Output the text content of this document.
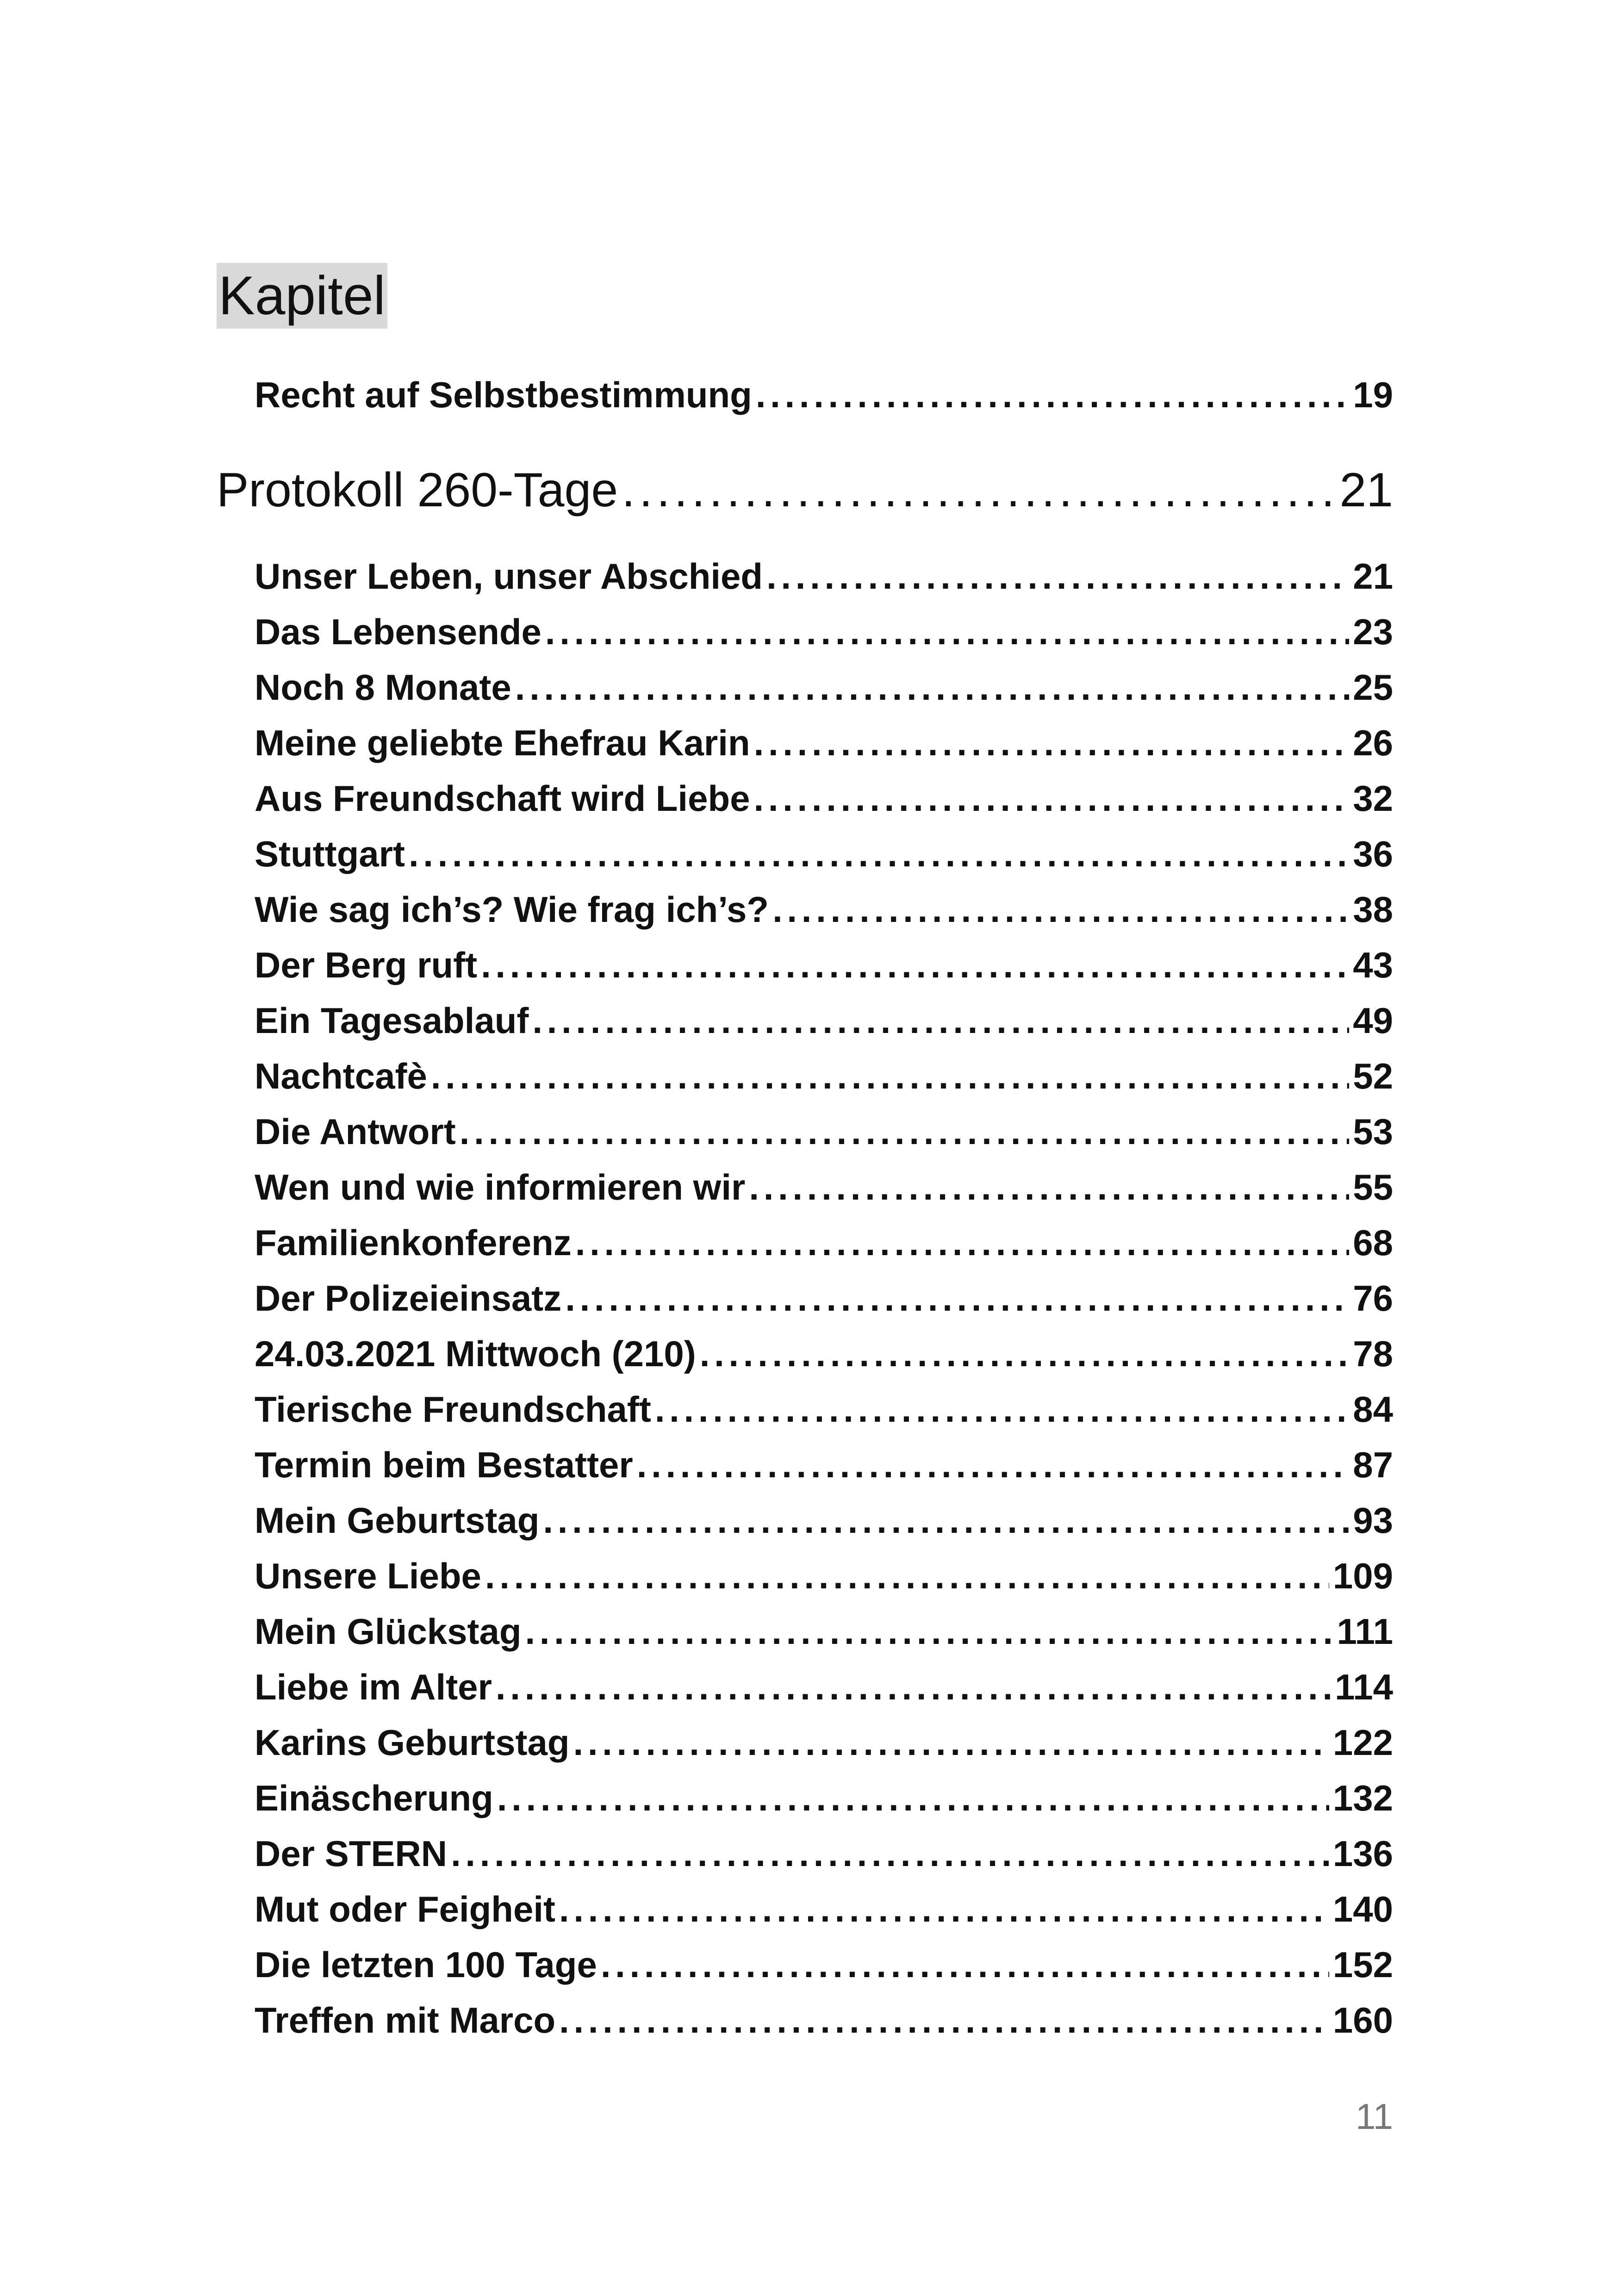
Kapitel
Recht auf Selbstbestimmung . . .	19
Protokoll 260-Tage . . .	21
Unser Leben, unser Abschied . . .	21
Das Lebensende . . .	23
Noch 8 Monate . . .	25
Meine geliebte Ehefrau Karin . . .	26
Aus Freundschaft wird Liebe . . .	32
Stuttgart . . .	36
Wie sag ich’s? Wie frag ich’s? . . .	38
Der Berg ruft . . .	43
Ein Tagesablauf . . .	49
Nachtcafè . . .	52
Die Antwort . . .	53
Wen und wie informieren wir . . .	55
Familienkonferenz . . .	68
Der Polizeieinsatz . . .	76
24.03.2021 Mittwoch (210) . . .	78
Tierische Freundschaft . . .	84
Termin beim Bestatter . . .	87
Mein Geburtstag . . .	93
Unsere Liebe . . .	109
Mein Glückstag . . .	111
Liebe im Alter . . .	114
Karins Geburtstag . . .	122
Einäscherung . . .	132
Der STERN . . .	136
Mut oder Feigheit . . .	140
Die letzten 100 Tage . . .	152
Treffen mit Marco . . .	160
11
